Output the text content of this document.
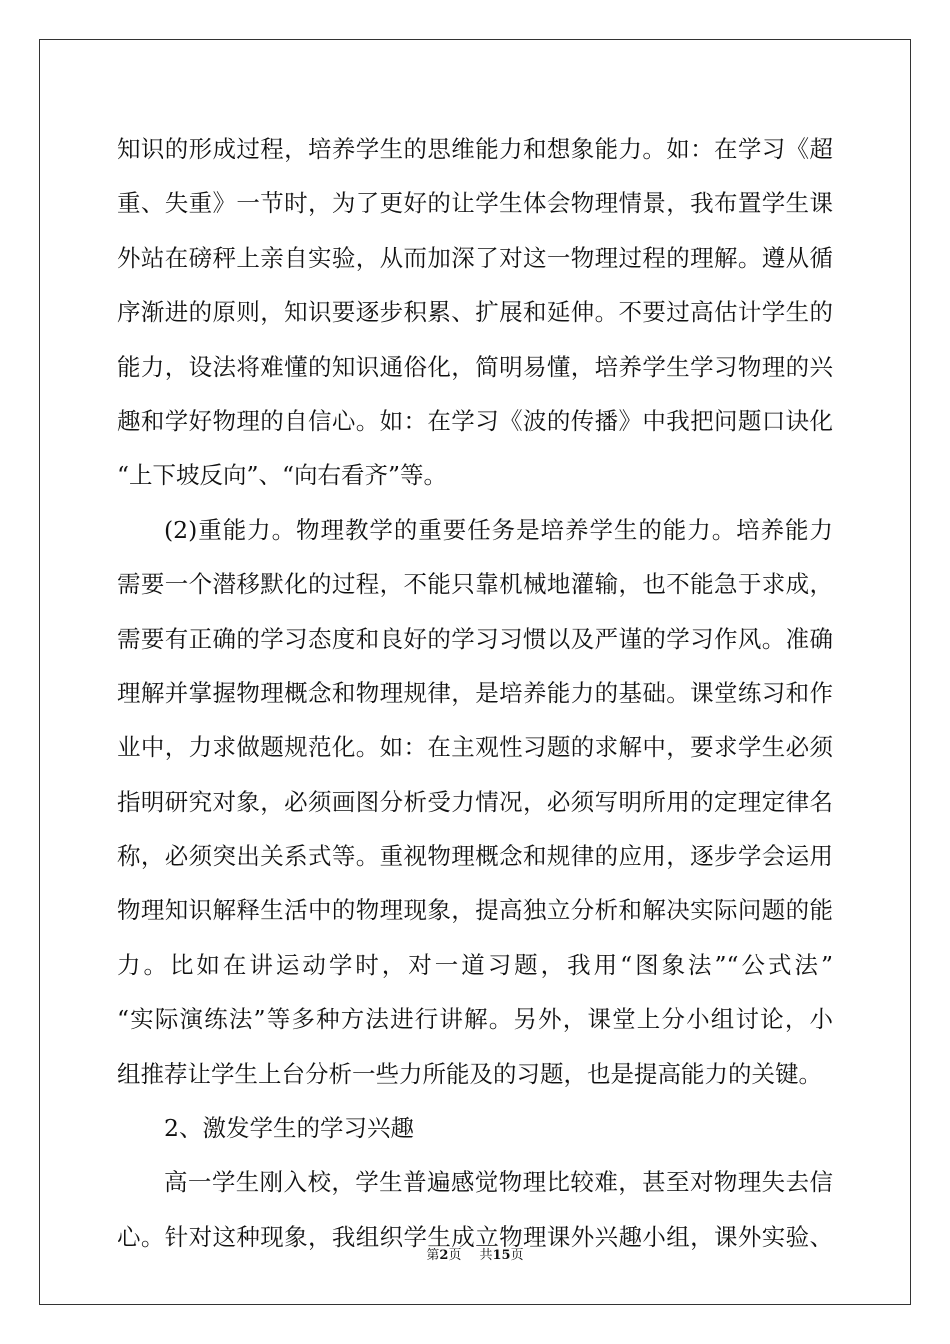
知识的形成过程，培养学生的思维能力和想象能力。如：在学习《超
重、失重》一节时，为了更好的让学生体会物理情景，我布置学生课
外站在磅秤上亲自实验，从而加深了对这一物理过程的理解。遵从循
序渐进的原则，知识要逐步积累、扩展和延伸。不要过高估计学生的
能力，设法将难懂的知识通俗化，简明易懂，培养学生学习物理的兴
趣和学好物理的自信心。如：在学习《波的传播》中我把问题口诀化
“上下坡反向”、“向右看齐”等。
(2)重能力。物理教学的重要任务是培养学生的能力。培养能力
需要一个潜移默化的过程，不能只靠机械地灌输，也不能急于求成，
需要有正确的学习态度和良好的学习习惯以及严谨的学习作风。准确
理解并掌握物理概念和物理规律，是培养能力的基础。课堂练习和作
业中，力求做题规范化。如：在主观性习题的求解中，要求学生必须
指明研究对象，必须画图分析受力情况，必须写明所用的定理定律名
称，必须突出关系式等。重视物理概念和规律的应用，逐步学会运用
物理知识解释生活中的物理现象，提高独立分析和解决实际问题的能
力。比如在讲运动学时，对一道习题，我用“图象法”“公式法”
“实际演练法”等多种方法进行讲解。另外，课堂上分小组讨论，小
组推荐让学生上台分析一些力所能及的习题，也是提高能力的关键。
2、激发学生的学习兴趣
高一学生刚入校，学生普遍感觉物理比较难，甚至对物理失去信
心。针对这种现象，我组织学生成立物理课外兴趣小组，课外实验、
第2页 共15页
